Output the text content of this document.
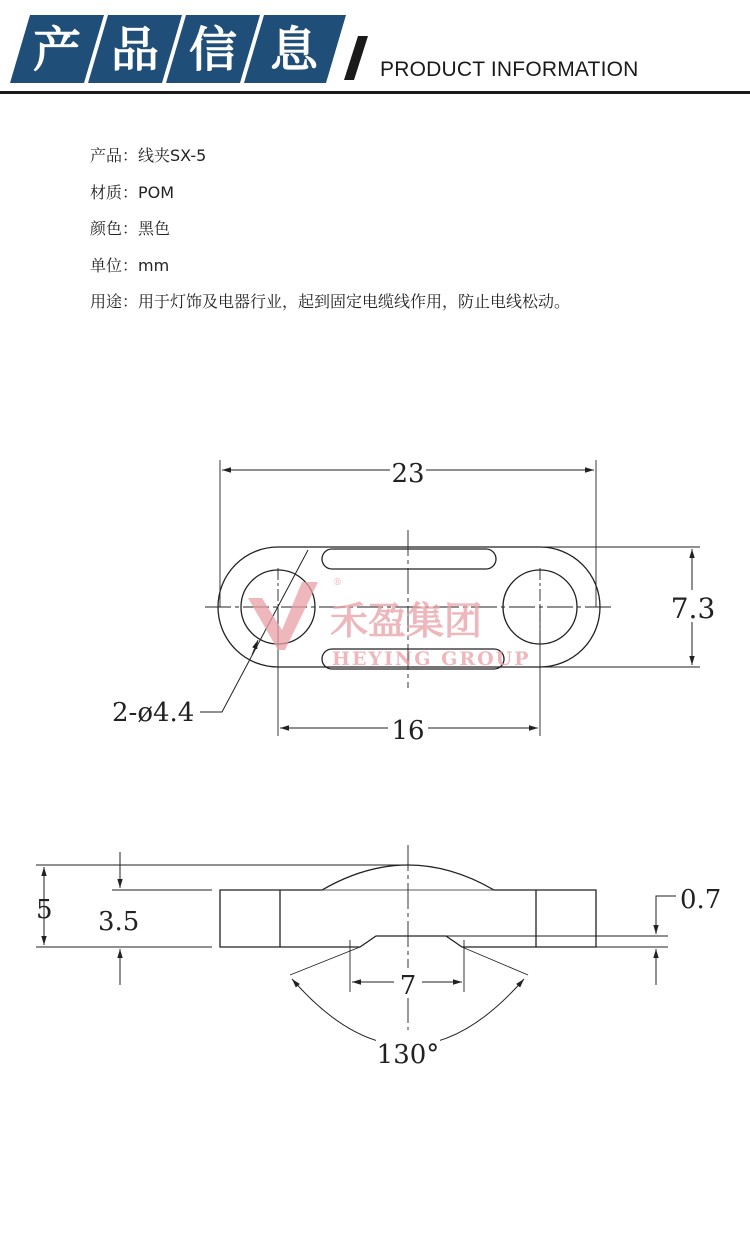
产 品 信 息	PRODUCT INFORMATION
产品：线夹SX-5
材质：POM
颜色：黑色
单位：mm
用途：用于灯饰及电器行业，起到固定电缆线作用，防止电线松动。
®
禾盈集团
HEYING GROUP
23
16
7.3
2-ø4.4
5 3.5
0.7
7
130°
